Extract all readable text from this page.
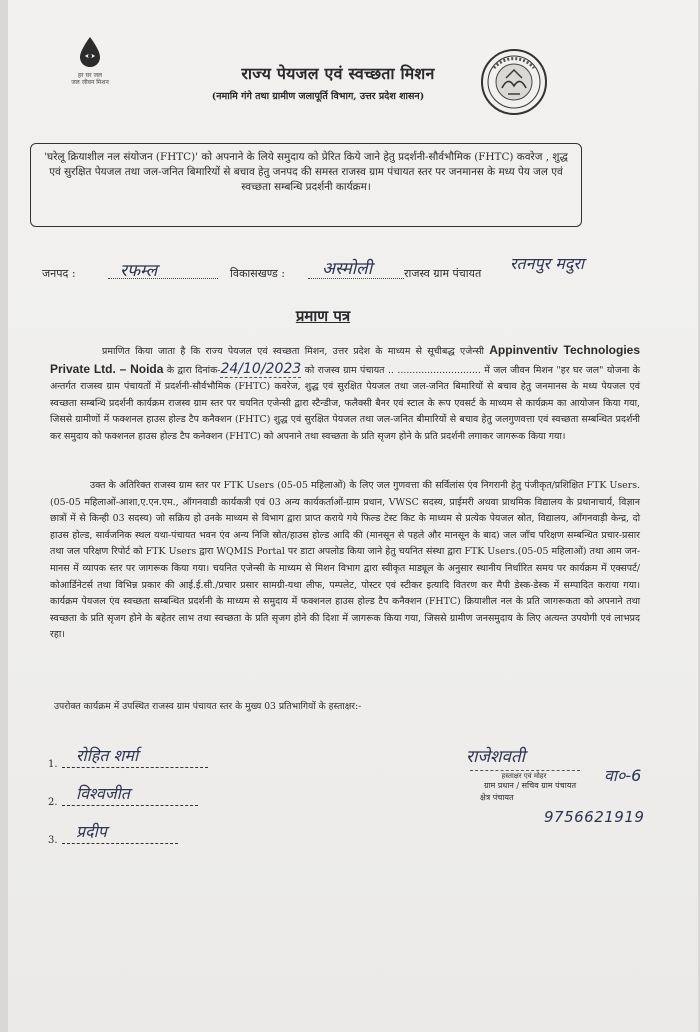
हर घर जल
जल जीवन मिशन	राज्य पेयजल एवं स्वच्छता मिशन
(नमामि गंगे तथा ग्रामीण जलापूर्ति विभाग, उत्तर प्रदेश शासन)
'घरेलू क्रियाशील नल संयोजन (FHTC)' को अपनाने के लिये समुदाय को प्रेरित किये जाने हेतु प्रदर्शनी-सौर्वभौमिक (FHTC) कवरेज , शुद्ध एवं सुरक्षित पेयजल तथा जल-जनित बिमारियों से बचाव हेतु जनपद की समस्त राजस्व ग्राम पंचायत स्तर पर जनमानस के मध्य पेय जल एवं स्वच्छता सम्बन्धि प्रदर्शनी कार्यक्रम।
जनपद :	रफम्ल	विकासखण्ड : अस्मोली	राजस्व ग्राम पंचायत
रतनपुर मदुरा
प्रमाण पत्र
प्रमाणित किया जाता है कि राज्य पेयजल एवं स्वच्छता मिशन, उत्तर प्रदेश के माध्यम से सूचीबद्ध एजेन्सी Appinventiv Technologies Private Ltd. – Noida के द्वारा दिनांक-24/10/2023 को राजस्व ग्राम पंचायत .. ............................ में जल जीवन मिशन "हर घर जल" योजना के अन्तर्गत राजस्व ग्राम पंचायतों में प्रदर्शनी-सौर्वभौमिक (FHTC) कवरेज, शुद्ध एवं सुरक्षित पेयजल तथा जल-जनित बिमारियों से बचाव हेतु जनमानस के मध्य पेयजल एवं स्वच्छता सम्बन्धि प्रदर्शनी कार्यक्रम राजस्व ग्राम स्तर पर चयनित एजेन्सी द्वारा स्टैन्डीज, फलैक्सी बैनर एवं स्टाल के रूप एवसर्ट के माध्यम से कार्यक्रम का आयोजन किया गया, जिससे ग्रामीणों में फक्शनल हाउस होल्ड टैप कनैक्शन (FHTC) शुद्ध एवं सुरक्षित पेयजल तथा जल-जनित बीमारियों से बचाव हेतु जलगुणवत्ता एवं स्वच्छता सम्बन्धित प्रदर्शनी कर समुदाय को फक्शनल हाउस होल्ड टैप कनेक्शन (FHTC) को अपनाने तथा स्वच्छता के प्रति सृजग होने के प्रति प्रदर्शनी लगाकर जागरूक किया गया।
उक्त के अतिरिक्त राजस्व ग्राम स्तर पर FTK Users (05-05 महिलाओं) के लिए जल गुणवत्ता की सर्विलांस एंव निगरानी हेतु पंजीकृत/प्रशिक्षित FTK Users.(05-05 महिलाओं-आशा,ए.एन.एम., ऑगनवाडी कार्यकत्री एवं 03 अन्य कार्यकर्ताओं-ग्राम प्रधान, VWSC सदस्य, प्राईमरी अथवा प्राथमिक विद्यालय के प्रधानाचार्य, विज्ञान छात्रों में से किन्ही 03 सदस्य) जो सक्रिय हो उनके माध्यम से विभाग द्वारा प्राप्त कराये गये फिल्ड टेस्ट किट के माध्यम से प्रत्येक पेयजल स्रोत, विद्यालय, आँगनवाड़ी केन्द्र, दो हाउस होल्ड, सार्वजनिक स्थल यथा-पंचायत भवन एंव अन्य निजि स्रोत/हाउस होल्ड आदि की (मानसून से पहले और मानसून के बाद) जल जाँच परिक्षण सम्बन्धित प्रचार-प्रसार तथा जल परिक्षण रिपोर्ट को FTK Users द्वारा WQMIS Portal पर डाटा अपलोड किया जाने हेतु चयनित संस्था द्वारा FTK Users.(05-05 महिलाओं) तथा आम जन-मानस में व्यापक स्तर पर जागरूक किया गया। चयनित एजेन्सी के माध्यम से मिशन विभाग द्वारा स्वीकृत माड्यूल के अनुसार स्थानीय निर्धारित समय पर कार्यक्रम में एक्सपर्ट/कोआर्डिनेटर्स तथा विभिन्न प्रकार की आई.ई.सी./प्रचार प्रसार सामग्री-यथा लीफ, पम्पलेट, पोस्टर एवं स्टीकर इत्यादि वितरण कर मैपी डेस्क-डेस्क में सम्पादित कराया गया। कार्यक्रम पेयजल एंव स्वच्छता सम्बन्धित प्रदर्शनी के माध्यम से समुदाय में फक्शनल हाउस होल्ड टैप कनैक्शन (FHTC) क्रियाशील नल के प्रति जागरूकता को अपनाने तथा स्वच्छता के प्रति सृजग होने के बहेतर लाभ तथा स्वच्छता के प्रति सृजग होने की दिशा में जागरूक किया गया, जिससे ग्रामीण जनसमुदाय के लिए अत्यन्त उपयोगी एवं लाभप्रद रहा।
उपरोक्त कार्यक्रम में उपस्थित राजस्व ग्राम पंचायत स्तर के मुख्य 03 प्रतिभागियों के हस्ताक्षर:-
1. रोहित शर्मा
2. विश्वजीत
3. प्रदीप
राजेशवती
वा०-6
हस्ताक्षर एवं मोहर
ग्राम प्रधान / सचिव ग्राम पंचायत
क्षेत्र पंचायत
9756621919
